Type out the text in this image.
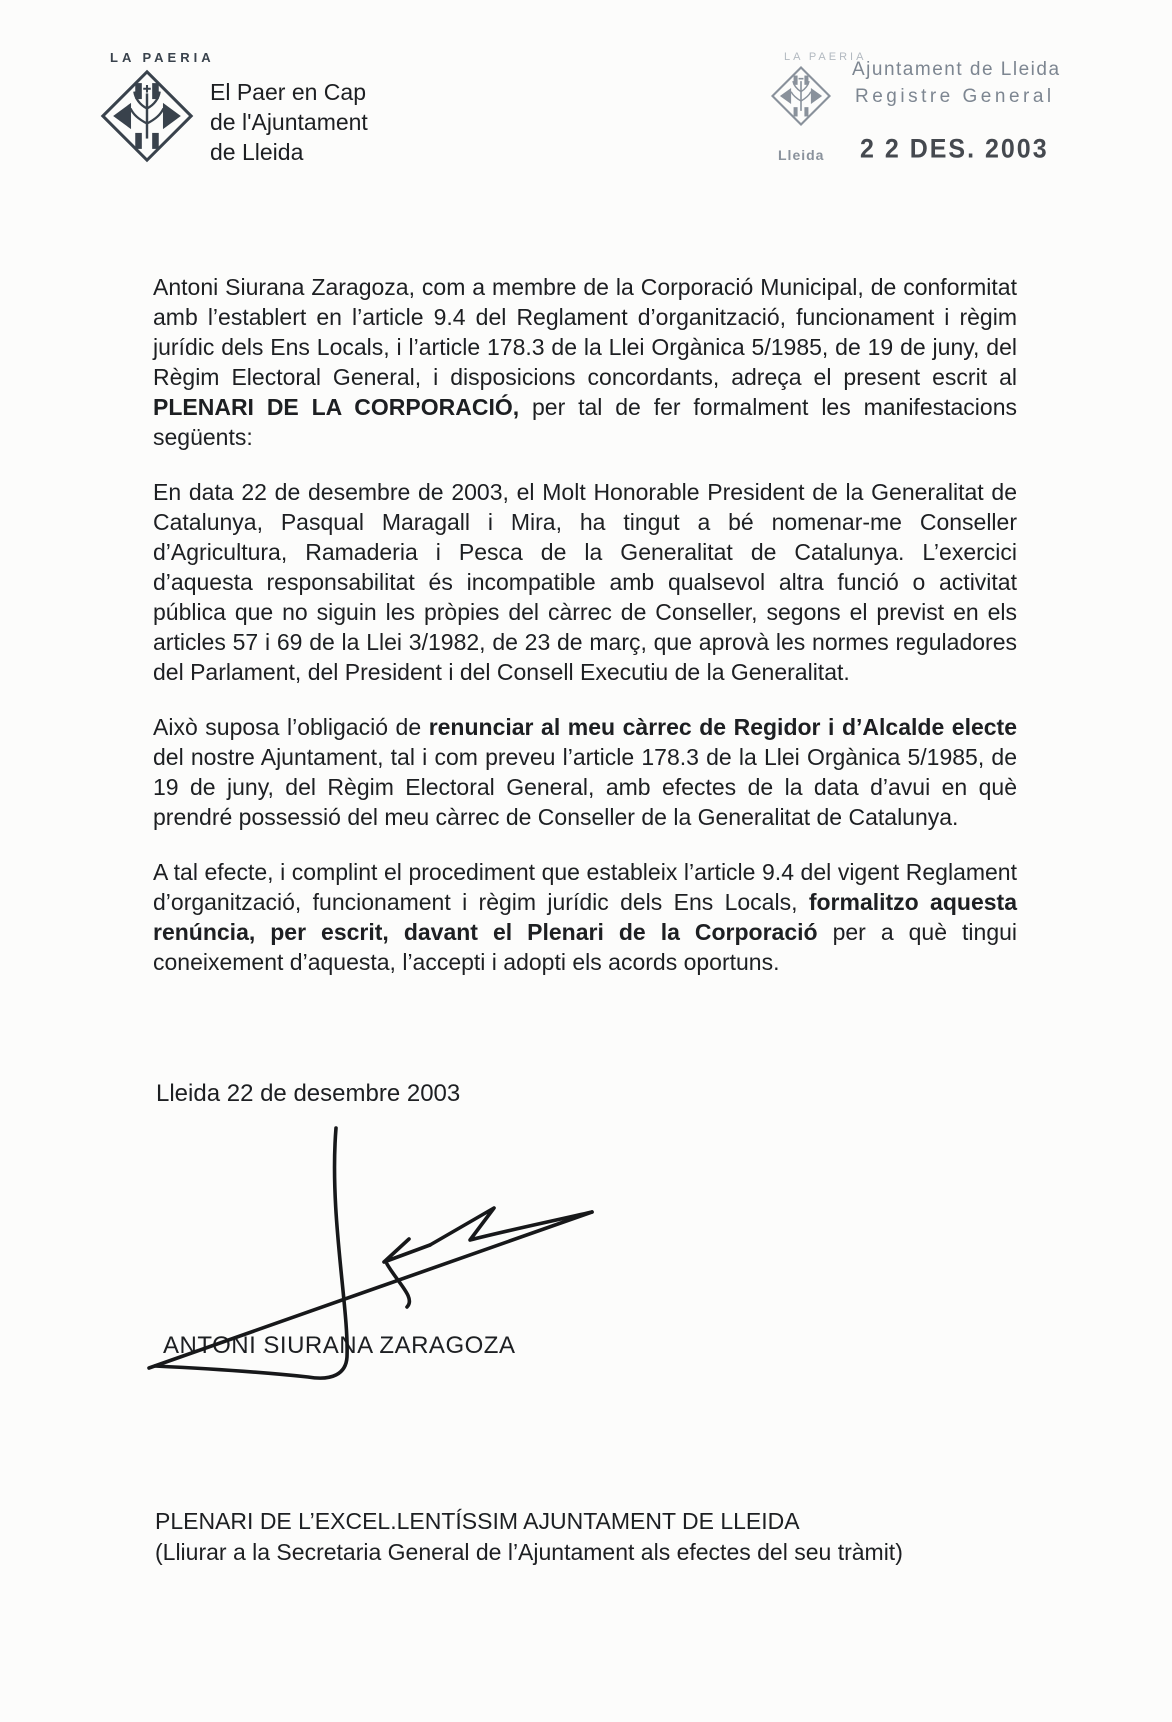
LA PAERIA
El Paer en Cap
de l'Ajuntament
de Lleida
LA PAERIA
Ajuntament de Lleida
Registre General
Lleida 2 2 DES. 2003

Antoni Siurana Zaragoza, com a membre de la Corporació Municipal, de conformitat amb l’establert en l’article 9.4 del Reglament d’organització, funcionament i règim jurídic dels Ens Locals, i l’article 178.3 de la Llei Orgànica 5/1985, de 19 de juny, del Règim Electoral General, i disposicions concordants, adreça el present escrit al PLENARI DE LA CORPORACIÓ, per tal de fer formalment les manifestacions següents:

En data 22 de desembre de 2003, el Molt Honorable President de la Generalitat de Catalunya, Pasqual Maragall i Mira, ha tingut a bé nomenar-me Conseller d’Agricultura, Ramaderia i Pesca de la Generalitat de Catalunya. L’exercici d’aquesta responsabilitat és incompatible amb qualsevol altra funció o activitat pública que no siguin les pròpies del càrrec de Conseller, segons el previst en els articles 57 i 69 de la Llei 3/1982, de 23 de març, que aprovà les normes reguladores del Parlament, del President i del Consell Executiu de la Generalitat.

Això suposa l’obligació de renunciar al meu càrrec de Regidor i d’Alcalde electe del nostre Ajuntament, tal i com preveu l’article 178.3 de la Llei Orgànica 5/1985, de 19 de juny, del Règim Electoral General, amb efectes de la data d’avui en què prendré possessió del meu càrrec de Conseller de la Generalitat de Catalunya.

A tal efecte, i complint el procediment que estableix l’article 9.4 del vigent Reglament d’organització, funcionament i règim jurídic dels Ens Locals, formalitzo aquesta renúncia, per escrit, davant el Plenari de la Corporació per a què tingui coneixement d’aquesta, l’accepti i adopti els acords oportuns.

Lleida 22 de desembre 2003
ANTONI SIURANA ZARAGOZA
PLENARI DE L’EXCEL.LENTÍSSIM AJUNTAMENT DE LLEIDA
(Lliurar a la Secretaria General de l’Ajuntament als efectes del seu tràmit)
